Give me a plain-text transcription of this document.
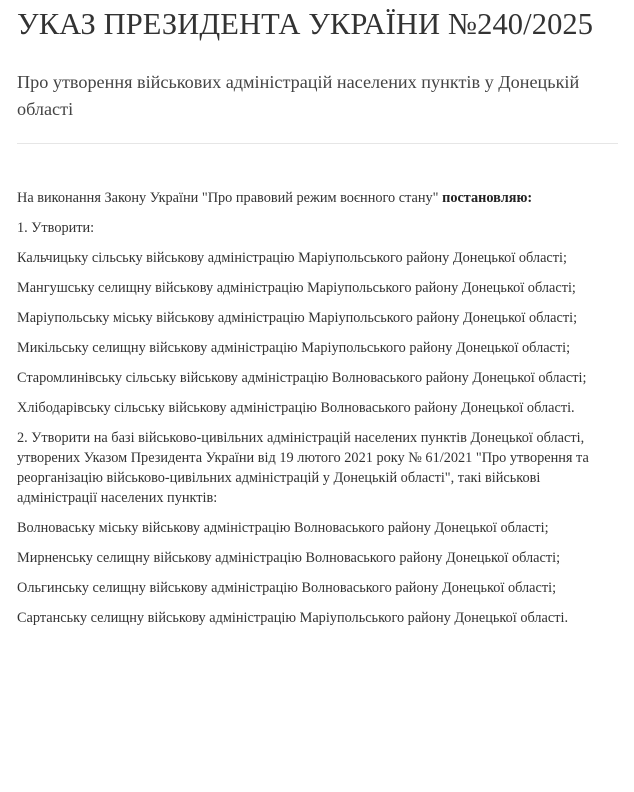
УКАЗ ПРЕЗИДЕНТА УКРАЇНИ №240/2025
Про утворення військових адміністрацій населених пунктів у Донецькій області

На виконання Закону України "Про правовий режим воєнного стану" постановляю:

1. Утворити:

Кальчицьку сільську військову адміністрацію Маріупольського району Донецької області;

Мангушську селищну військову адміністрацію Маріупольського району Донецької області;

Маріупольську міську військову адміністрацію Маріупольського району Донецької області;

Микільську селищну військову адміністрацію Маріупольського району Донецької області;

Старомлинівську сільську військову адміністрацію Волноваського району Донецької області;

Хлібодарівську сільську військову адміністрацію Волноваського району Донецької області.

2. Утворити на базі військово-цивільних адміністрацій населених пунктів Донецької області, утворених Указом Президента України від 19 лютого 2021 року № 61/2021 "Про утворення та реорганізацію військово-цивільних адміністрацій у Донецькій області", такі військові адміністрації населених пунктів:

Волноваську міську військову адміністрацію Волноваського району Донецької області;

Мирненську селищну військову адміністрацію Волноваського району Донецької області;

Ольгинську селищну військову адміністрацію Волноваського району Донецької області;

Сартанську селищну військову адміністрацію Маріупольського району Донецької області.
